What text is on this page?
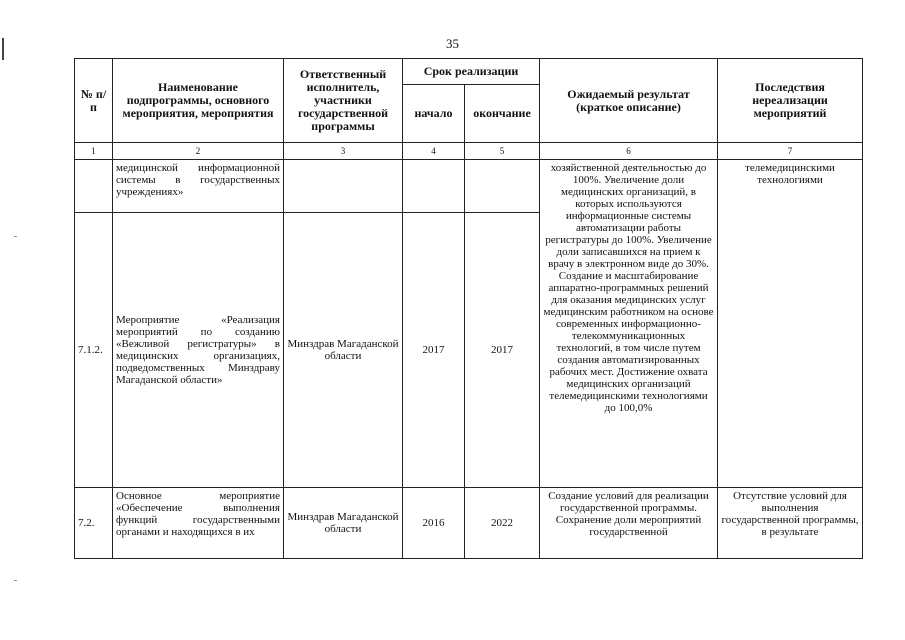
35
№ п/п	Наименование подпрограммы, основного мероприятия, мероприятия	Ответственный исполнитель, участники государственной программы	Срок реализации		Ожидаемый результат (краткое описание)	Последствия нереализации мероприятий
			начало	окончание		
1	2	3	4	5	6	7
	медицинской информационной системы в государственных учреждениях»				хозяйственной деятельностью до 100%. Увеличение доли медицинских организаций, в которых используются информационные системы автоматизации работы регистратуры до 100%. Увеличение доли записавшихся на прием к врачу в электронном виде до 30%. Создание и масштабирование аппаратно-программных решений для оказания медицинских услуг медицинским работником на основе современных информационно-телекоммуникационных технологий, в том числе путем создания автоматизированных рабочих мест. Достижение охвата медицинских организаций телемедицинскими технологиями до 100,0%	телемедицинскими технологиями
7.1.2.	Мероприятие «Реализация мероприятий по созданию «Вежливой регистратуры» в медицинских организациях, подведомственных Минздраву Магаданской области»	Минздрав Магаданской области	2017	2017		
7.2.	Основное мероприятие «Обеспечение выполнения функций государственными органами и находящихся в их	Минздрав Магаданской области	2016	2022	Создание условий для реализации государственной программы. Сохранение доли мероприятий государственной	Отсутствие условий для выполнения государственной программы, в результате
